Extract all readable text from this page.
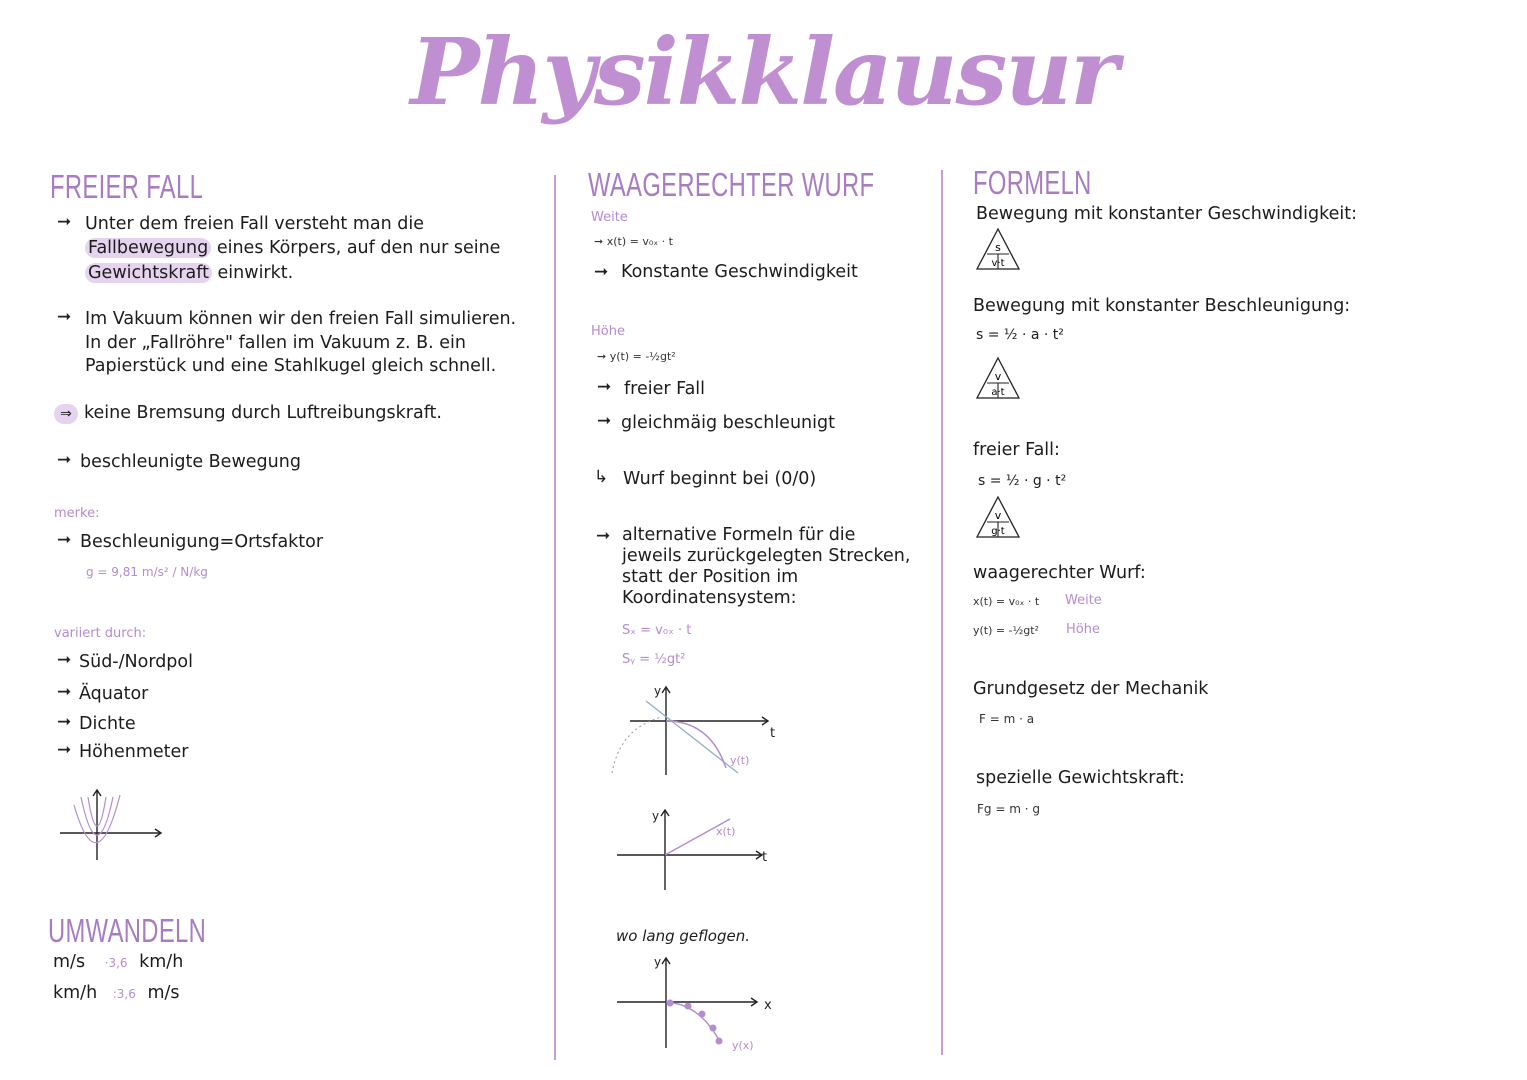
Physikklausur
FREIER FALL
➞ Unter dem freien Fall versteht man die
Fallbewegung eines Körpers, auf den nur seine
Gewichtskraft einwirkt.
➞ Im Vakuum können wir den freien Fall simulieren.
In der „Fallröhre" fallen im Vakuum z. B. ein
Papierstück und eine Stahlkugel gleich schnell.
⇒ keine Bremsung durch Luftreibungskraft.
➞ beschleunigte Bewegung
merke:
➞ Beschleunigung=Ortsfaktor
g = 9,81 m/s² / N/kg
variiert durch:
➞ Süd-/Nordpol
➞ Äquator
➞ Dichte
➞ Höhenmeter
UMWANDELN
m/s ·3,6 km/h
km/h :3,6 m/s
WAAGERECHTER WURF
Weite
➞ x(t) = v₀ₓ · t
➞ Konstante Geschwindigkeit
Höhe
➞ y(t) = -½gt²
➞ freier Fall
➞ gleichmäig beschleunigt
↳ Wurf beginnt bei (0/0)
➞ alternative Formeln für die
jeweils zurückgelegten Strecken,
statt der Position im
Koordinatensystem:
Sₓ = v₀ₓ · t
Sᵧ = ½gt²
y
t
y(t)
y
t
x(t)
wo lang geflogen.
y
x
y(x)
FORMELN
Bewegung mit konstanter Geschwindigkeit:
s
v·t
Bewegung mit konstanter Beschleunigung:
s = ½ · a · t²
v
a·t
freier Fall:
s = ½ · g · t²
v
g·t
waagerechter Wurf:
x(t) = v₀ₓ · t Weite
y(t) = -½gt² Höhe
Grundgesetz der Mechanik
F = m · a
spezielle Gewichtskraft:
Fg = m · g
